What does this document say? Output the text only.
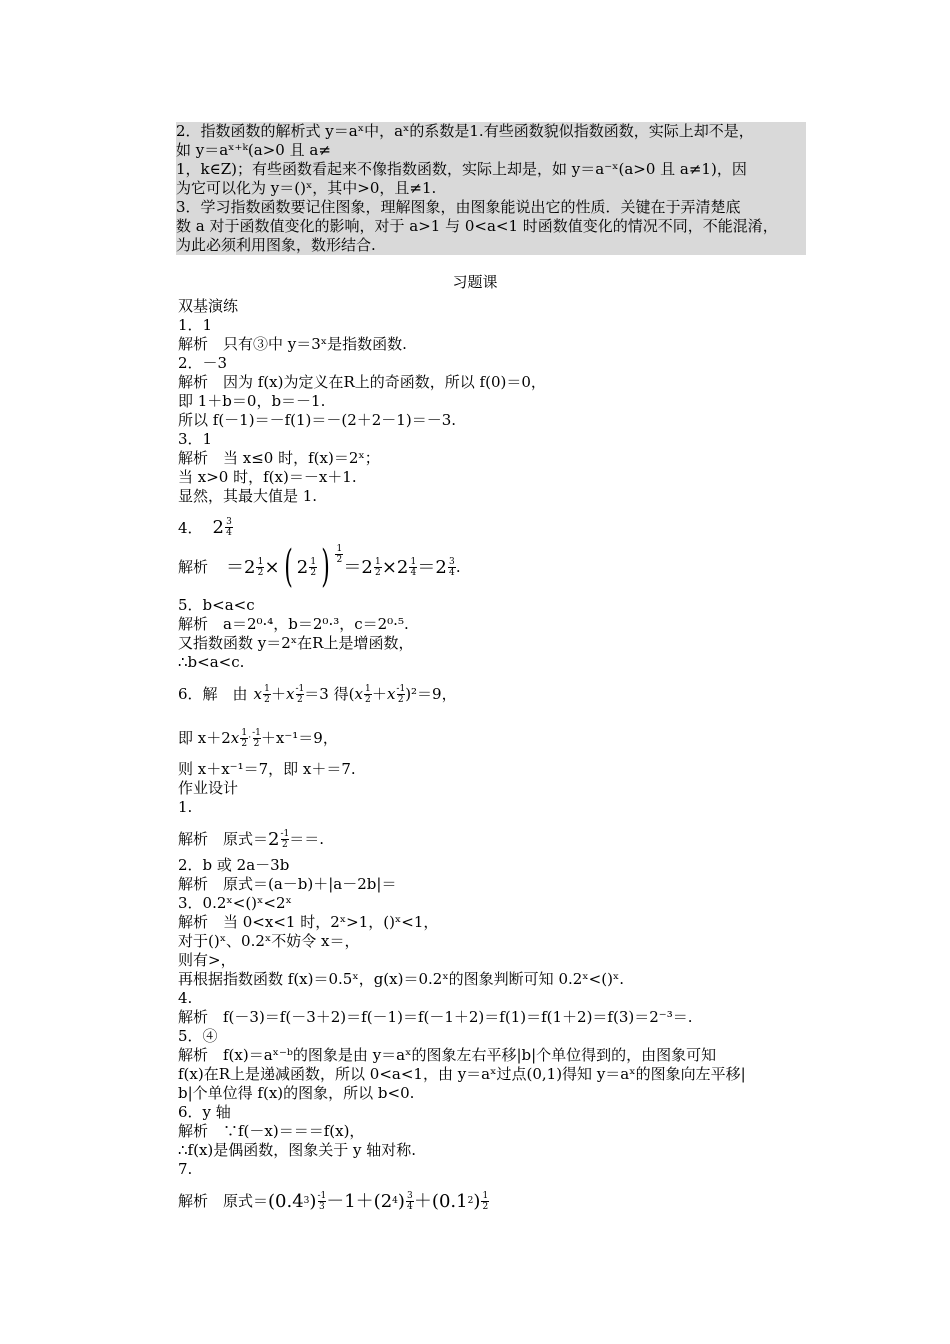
2．指数函数的解析式 y＝aˣ中，aˣ的系数是1.有些函数貌似指数函数，实际上却不是，
如 y＝aˣ⁺ᵏ(a>0 且 a≠
1，k∈Z)；有些函数看起来不像指数函数，实际上却是，如 y＝a⁻ˣ(a>0 且 a≠1)，因
为它可以化为 y＝()ˣ，其中>0，且≠1.
3．学习指数函数要记住图象，理解图象，由图象能说出它的性质．关键在于弄清楚底
数 a 对于函数值变化的影响，对于 a>1 与 0<a<1 时函数值变化的情况不同，不能混淆，
为此必须利用图象，数形结合.
习题课
双基演练
1．1
解析　只有③中 y＝3ˣ是指数函数.
2．－3
解析　因为 f(x)为定义在R上的奇函数，所以 f(0)＝0，
即 1＋b＝0，b＝－1.
所以 f(－1)＝－f(1)＝－(2＋2－1)＝－3.
3．1
解析　当 x≤0 时，f(x)＝2ˣ；
当 x>0 时，f(x)＝－x＋1.
显然，其最大值是 1.
4． $2 \frac{3}{4}$
解析 $=2 \frac{1}{2}$ × ( $2 \frac{1}{2}$ ) $\frac{1}{2}$
$=2 \frac{1}{2} \times 2 \frac{1}{4} =2 \frac{3}{4}$ .
5．b<a<c
解析　a＝2⁰·⁴，b＝2⁰·³，c＝2⁰·⁵.
又指数函数 y＝2ˣ在R上是增函数，
∴b<a<c.
6．解　由 x $\frac{1}{2} + x \frac{-1}{2} =3$ 得( x $\frac{1}{2} + x \frac{-1}{2} )^2=9$，
即 x＋2 x $\frac{1}{2} \cdot \frac{-1}{2} +x^{-1}=9$，
则 x＋x⁻¹＝7，即 x＋＝7.
作业设计
1.
解析　原式＝ $2 \frac{-1}{2}$ ＝＝.
2．b 或 2a－3b
解析　原式＝(a－b)＋|a－2b|＝
3．0.2ˣ<()ˣ<2ˣ
解析　当 0<x<1 时，2ˣ>1，()ˣ<1，
对于()ˣ、0.2ˣ不妨令 x＝，
则有>，
再根据指数函数 f(x)＝0.5ˣ，g(x)＝0.2ˣ的图象判断可知 0.2ˣ<()ˣ.
4.
解析　f(－3)＝f(－3＋2)＝f(－1)＝f(－1＋2)＝f(1)＝f(1＋2)＝f(3)＝2⁻³＝.
5．④
解析　f(x)＝aˣ⁻ᵇ的图象是由 y＝aˣ的图象左右平移|b|个单位得到的，由图象可知
f(x)在R上是递减函数，所以 0<a<1，由 y＝aˣ过点(0,1)得知 y＝aˣ的图象向左平移|
b|个单位得 f(x)的图象，所以 b<0.
6．y 轴
解析　∵f(－x)＝＝＝f(x)，
∴f(x)是偶函数，图象关于 y 轴对称.
7.
解析　原式＝ (0.4 3 ) $\frac{-1}{3} -1+(2$ 4 ) $\frac{3}{4} +(0.1$ 2 ) $\frac{1}{2}$
